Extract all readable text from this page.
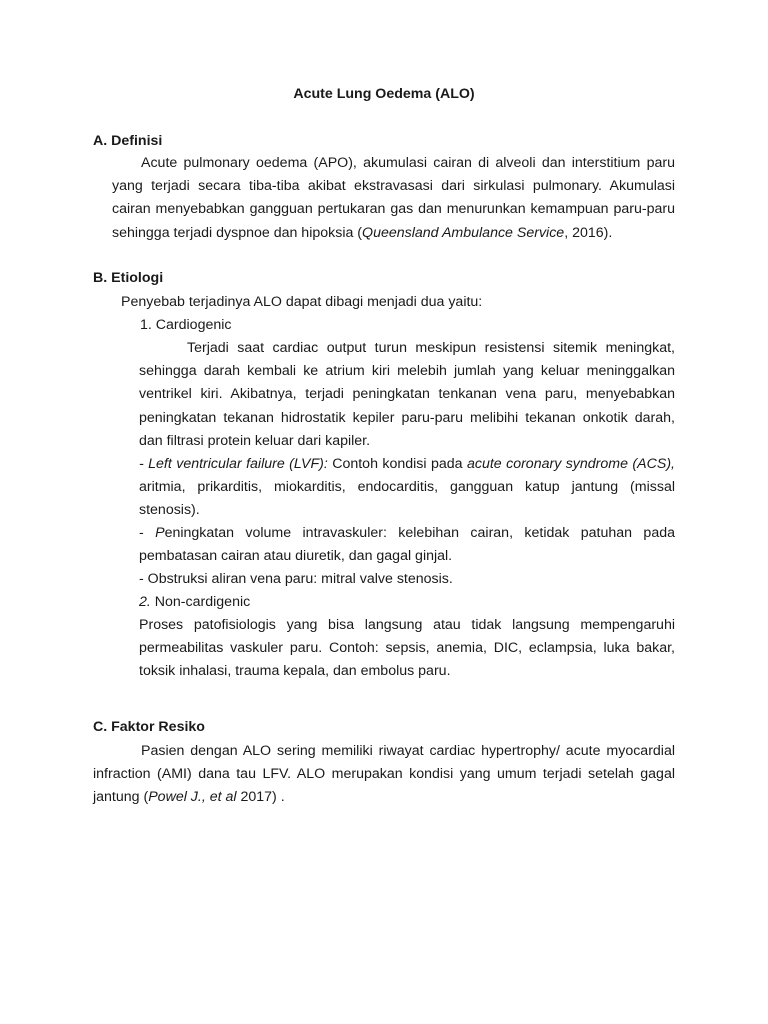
Acute Lung Oedema (ALO)
A. Definisi

Acute pulmonary oedema (APO), akumulasi cairan di alveoli dan interstitium paru yang terjadi secara tiba-tiba akibat ekstravasasi dari sirkulasi pulmonary. Akumulasi cairan menyebabkan gangguan pertukaran gas dan menurunkan kemampuan paru-paru sehingga terjadi dyspnoe dan hipoksia (Queensland Ambulance Service, 2016).

B. Etiologi
Penyebab terjadinya ALO dapat dibagi menjadi dua yaitu:
1. Cardiogenic
Terjadi saat cardiac output turun meskipun resistensi sitemik meningkat, sehingga darah kembali ke atrium kiri melebih jumlah yang keluar meninggalkan ventrikel kiri. Akibatnya, terjadi peningkatan tenkanan vena paru, menyebabkan peningkatan tekanan hidrostatik kepiler paru-paru melibihi tekanan onkotik darah, dan filtrasi protein keluar dari kapiler.

- Left ventricular failure (LVF): Contoh kondisi pada acute coronary syndrome (ACS), aritmia, prikarditis, miokarditis, endocarditis, gangguan katup jantung (missal stenosis).

- Peningkatan volume intravaskuler: kelebihan cairan, ketidak patuhan pada pembatasan cairan atau diuretik, dan gagal ginjal.

- Obstruksi aliran vena paru: mitral valve stenosis.

2. Non-cardigenic

Proses patofisiologis yang bisa langsung atau tidak langsung mempengaruhi permeabilitas vaskuler paru. Contoh: sepsis, anemia, DIC, eclampsia, luka bakar, toksik inhalasi, trauma kepala, dan embolus paru.
C. Faktor Resiko

Pasien dengan ALO sering memiliki riwayat cardiac hypertrophy/ acute myocardial infraction (AMI) dana tau LFV. ALO merupakan kondisi yang umum terjadi setelah gagal jantung (Powel J., et al 2017) .
